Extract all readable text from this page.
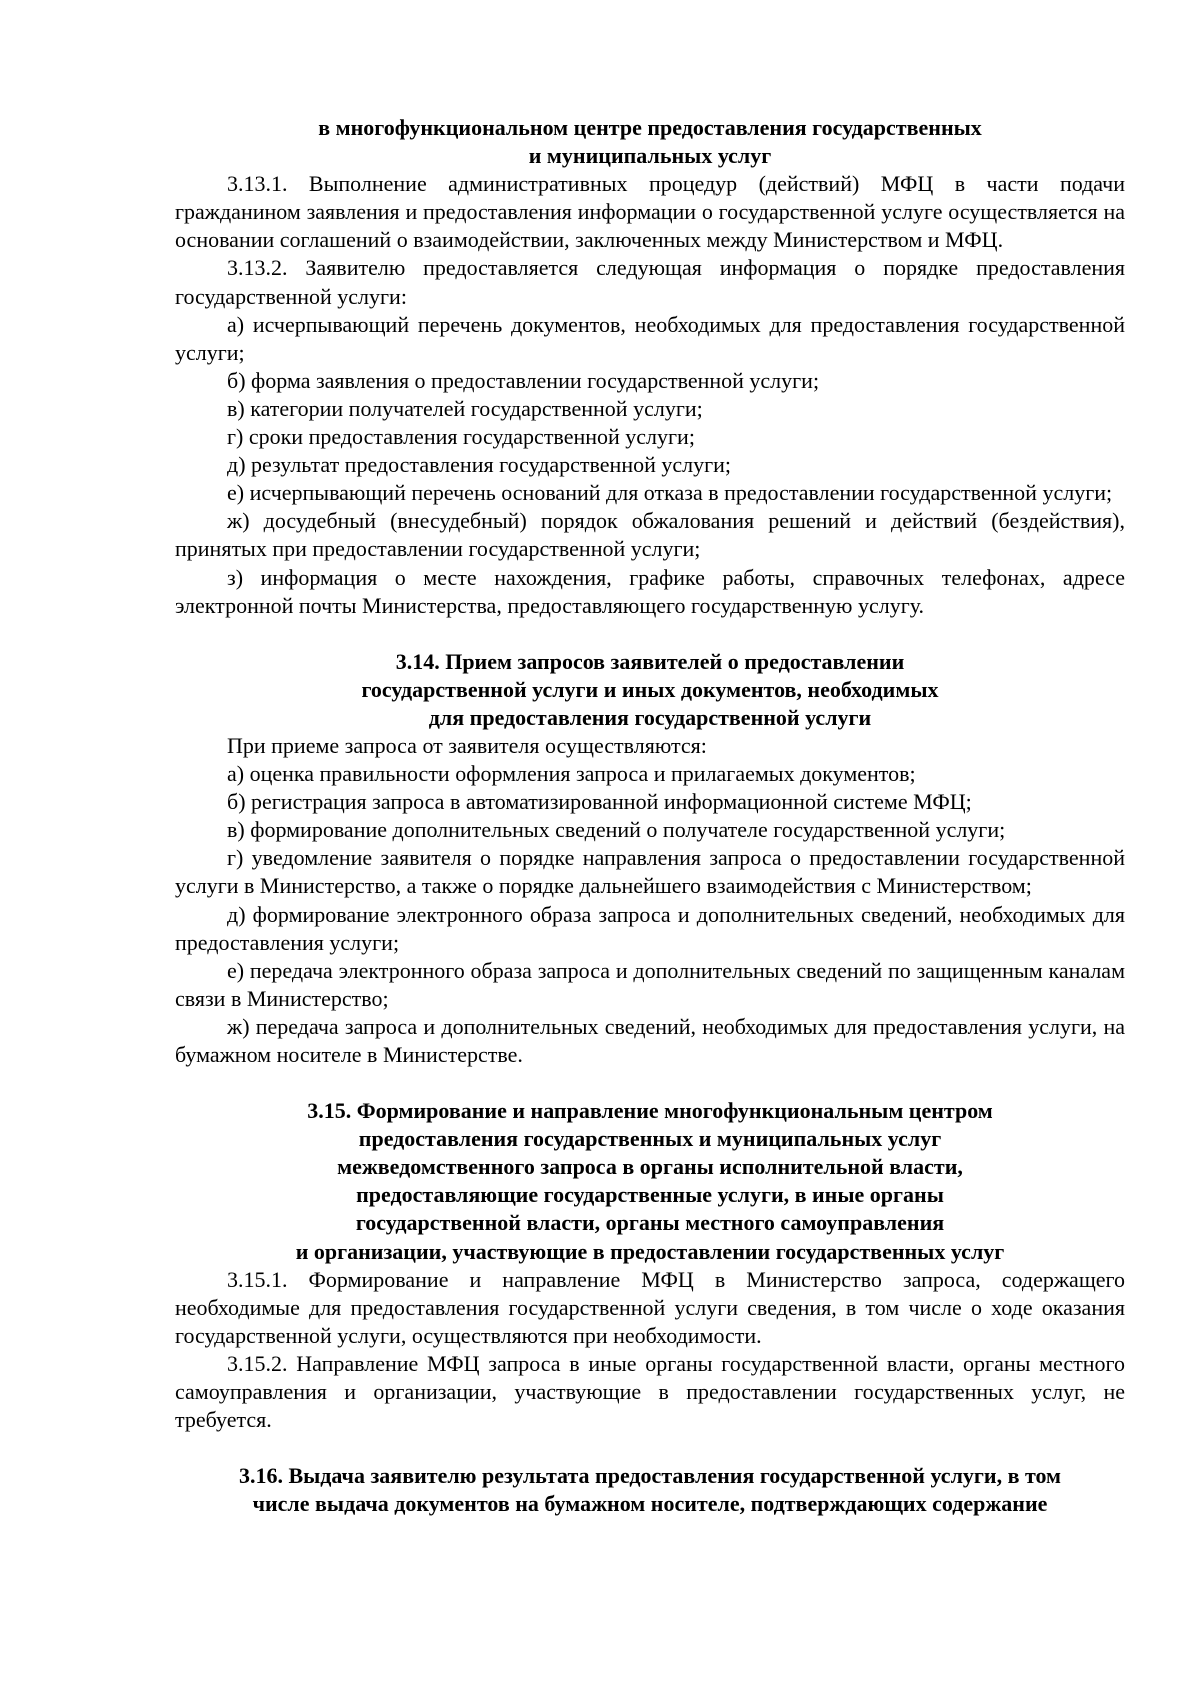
в многофункциональном центре предоставления государственных
и муниципальных услуг

3.13.1. Выполнение административных процедур (действий) МФЦ в части подачи гражданином заявления и предоставления информации о государственной услуге осуществляется на основании соглашений о взаимодействии, заключенных между Министерством и МФЦ.

3.13.2. Заявителю предоставляется следующая информация о порядке предоставления государственной услуги:

а) исчерпывающий перечень документов, необходимых для предоставления государственной услуги;

б) форма заявления о предоставлении государственной услуги;

в) категории получателей государственной услуги;

г) сроки предоставления государственной услуги;

д) результат предоставления государственной услуги;

е) исчерпывающий перечень оснований для отказа в предоставлении государственной услуги;

ж) досудебный (внесудебный) порядок обжалования решений и действий (бездействия), принятых при предоставлении государственной услуги;

з) информация о месте нахождения, графике работы, справочных телефонах, адресе электронной почты Министерства, предоставляющего государственную услугу.

3.14. Прием запросов заявителей о предоставлении
государственной услуги и иных документов, необходимых
для предоставления государственной услуги

При приеме запроса от заявителя осуществляются:

а) оценка правильности оформления запроса и прилагаемых документов;

б) регистрация запроса в автоматизированной информационной системе МФЦ;

в) формирование дополнительных сведений о получателе государственной услуги;

г) уведомление заявителя о порядке направления запроса о предоставлении государственной услуги в Министерство, а также о порядке дальнейшего взаимодействия с Министерством;

д) формирование электронного образа запроса и дополнительных сведений, необходимых для предоставления услуги;

е) передача электронного образа запроса и дополнительных сведений по защищенным каналам связи в Министерство;

ж) передача запроса и дополнительных сведений, необходимых для предоставления услуги, на бумажном носителе в Министерстве.

3.15. Формирование и направление многофункциональным центром
предоставления государственных и муниципальных услуг
межведомственного запроса в органы исполнительной власти,
предоставляющие государственные услуги, в иные органы
государственной власти, органы местного самоуправления
и организации, участвующие в предоставлении государственных услуг

3.15.1. Формирование и направление МФЦ в Министерство запроса, содержащего необходимые для предоставления государственной услуги сведения, в том числе о ходе оказания государственной услуги, осуществляются при необходимости.

3.15.2. Направление МФЦ запроса в иные органы государственной власти, органы местного самоуправления и организации, участвующие в предоставлении государственных услуг, не требуется.

3.16. Выдача заявителю результата предоставления государственной услуги, в том
числе выдача документов на бумажном носителе, подтверждающих содержание
